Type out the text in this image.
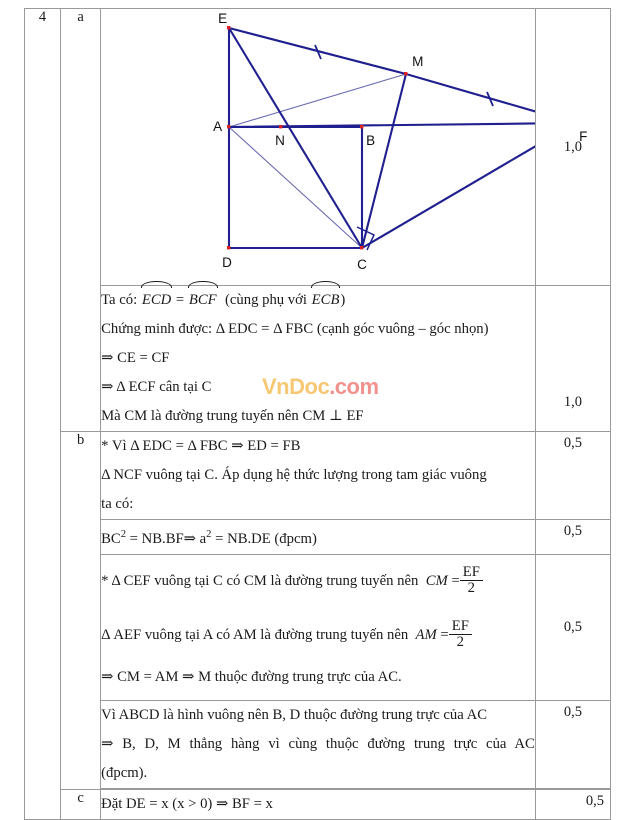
4	a	E
M
A
N	B	F
D	C
	1,0

Ta có: ECD = BCF (cùng phụ với ECB)
Chứng minh được: Δ EDC = Δ FBC (cạnh góc vuông – góc nhọn)
⇒ CE = CF
⇒ Δ ECF cân tại C
Mà CM là đường trung tuyến nên CM ⊥ EF
	1,0
	b	* Vì Δ EDC = Δ FBC ⇒ ED = FB
Δ NCF vuông tại C. Áp dụng hệ thức lượng trong tam giác vuông
ta có:	0,5

		$BC^2$ = NB.BF⇒ $a^2 = NB.DE$ (đpcm)	0,5

* Δ CEF vuông tại C có CM là đường trung tuyến nên CM = $\frac{EF}{2}$
Δ AEF vuông tại A có AM là đường trung tuyến nên AM = $\frac{EF}{2}$
⇒ CM = AM ⇒ M thuộc đường trung trực của AC.
	0,5

		Vì ABCD là hình vuông nên B, D thuộc đường trung trực của AC
⇒ B, D, M thẳng hàng vì cùng thuộc đường trung trực của AC
(đpcm).	0,5

	c	Đặt DE = x (x > 0) ⇒ BF = x	0,5
VnDoc.com
